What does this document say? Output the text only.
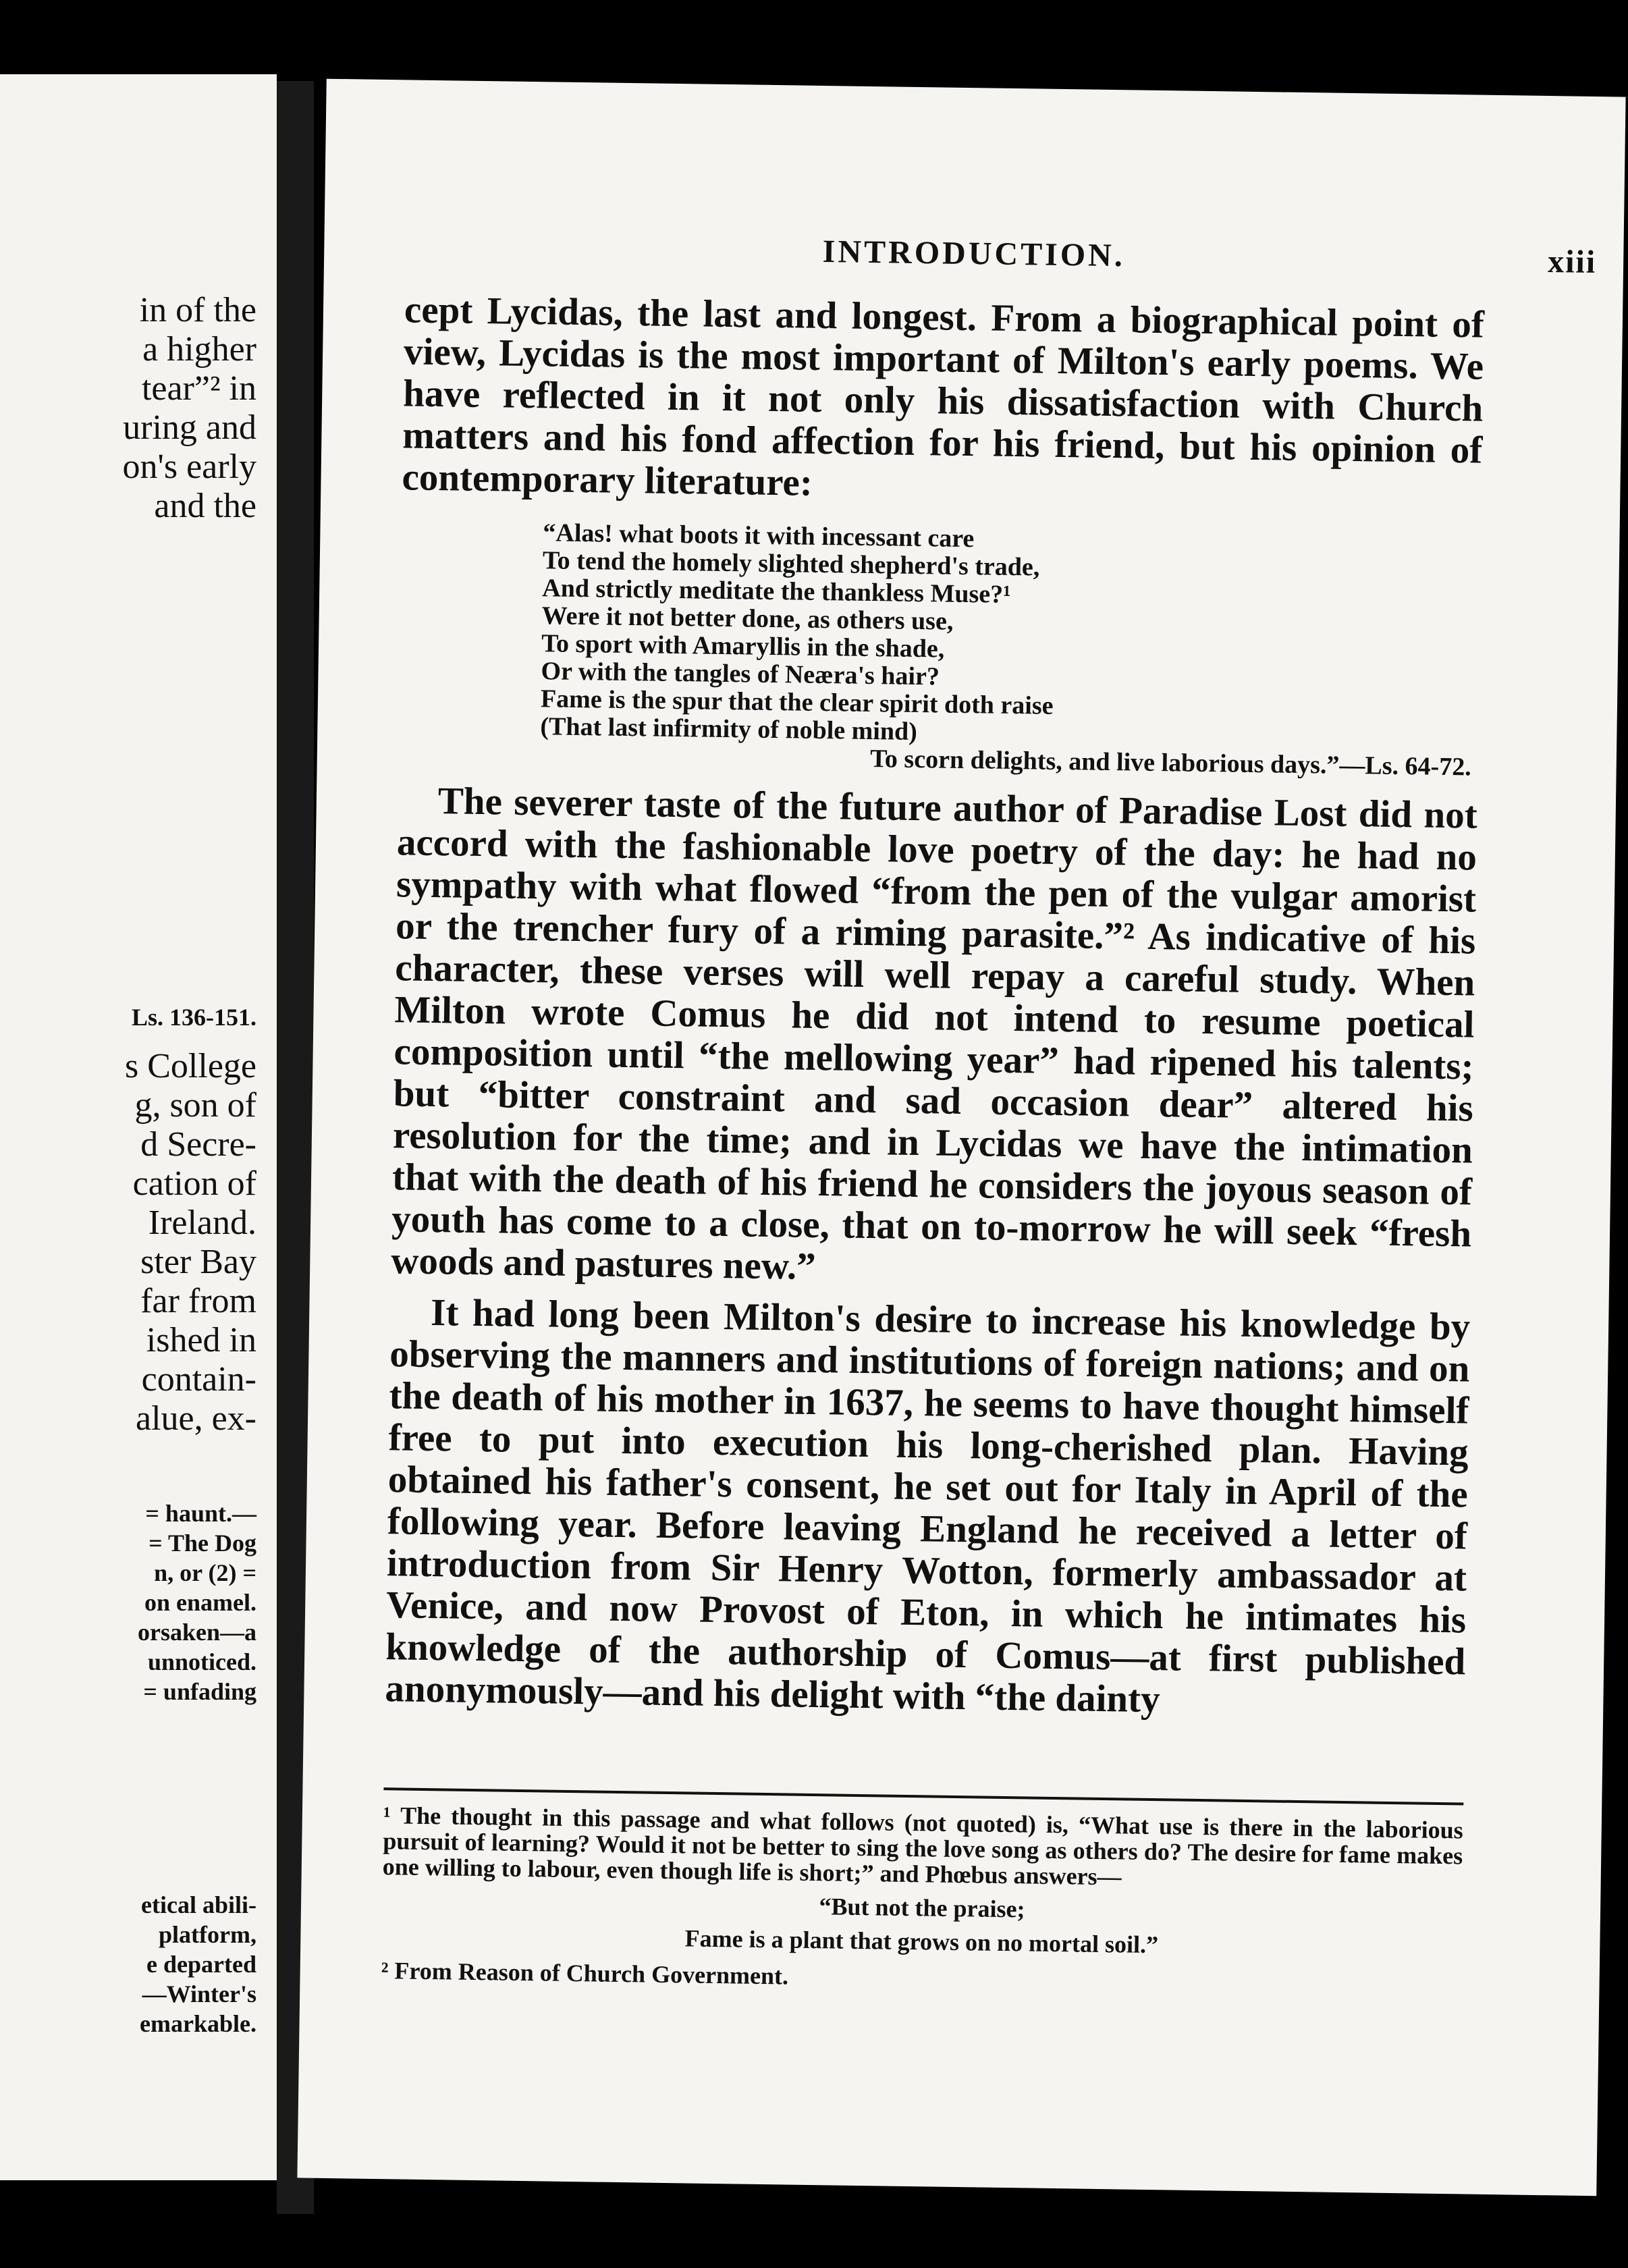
in of the
a higher
tear”² in
uring and
on's early
and the
Ls. 136-151.
s College
g, son of
d Secre-
cation of
Ireland.
ster Bay
far from
ished in
contain-
alue, ex-
= haunt.—
= The Dog
n, or (2) =
on enamel.
orsaken—a
unnoticed.
= unfading
etical abili-
platform,
e departed
—Winter's
emarkable.
INTRODUCTION.	xiii

cept Lycidas, the last and longest. From a biographical point of view, Lycidas is the most important of Milton's early poems. We have reflected in it not only his dissatisfaction with Church matters and his fond affection for his friend, but his opinion of contemporary literature:

“Alas! what boots it with incessant care
To tend the homely slighted shepherd's trade,
And strictly meditate the thankless Muse?¹
Were it not better done, as others use,
To sport with Amaryllis in the shade,
Or with the tangles of Neæra's hair?
Fame is the spur that the clear spirit doth raise
(That last infirmity of noble mind)
To scorn delights, and live laborious days.”—Ls. 64-72.

The severer taste of the future author of Paradise Lost did not accord with the fashionable love poetry of the day: he had no sympathy with what flowed “from the pen of the vulgar amorist or the trencher fury of a riming parasite.”² As indicative of his character, these verses will well repay a careful study. When Milton wrote Comus he did not intend to resume poetical composition until “the mellowing year” had ripened his talents; but “bitter constraint and sad occasion dear” altered his resolution for the time; and in Lycidas we have the intimation that with the death of his friend he considers the joyous season of youth has come to a close, that on to-morrow he will seek “fresh woods and pastures new.”

It had long been Milton's desire to increase his knowledge by observing the manners and institutions of foreign nations; and on the death of his mother in 1637, he seems to have thought himself free to put into execution his long-cherished plan. Having obtained his father's consent, he set out for Italy in April of the following year. Before leaving England he received a letter of introduction from Sir Henry Wotton, formerly ambassador at Venice, and now Provost of Eton, in which he intimates his knowledge of the authorship of Comus—at first published anonymously—and his delight with “the dainty

¹ The thought in this passage and what follows (not quoted) is, “What use is there in the laborious pursuit of learning? Would it not be better to sing the love song as others do? The desire for fame makes one willing to labour, even though life is short;” and Phœbus answers—

“But not the praise;

Fame is a plant that grows on no mortal soil.”

² From Reason of Church Government.
